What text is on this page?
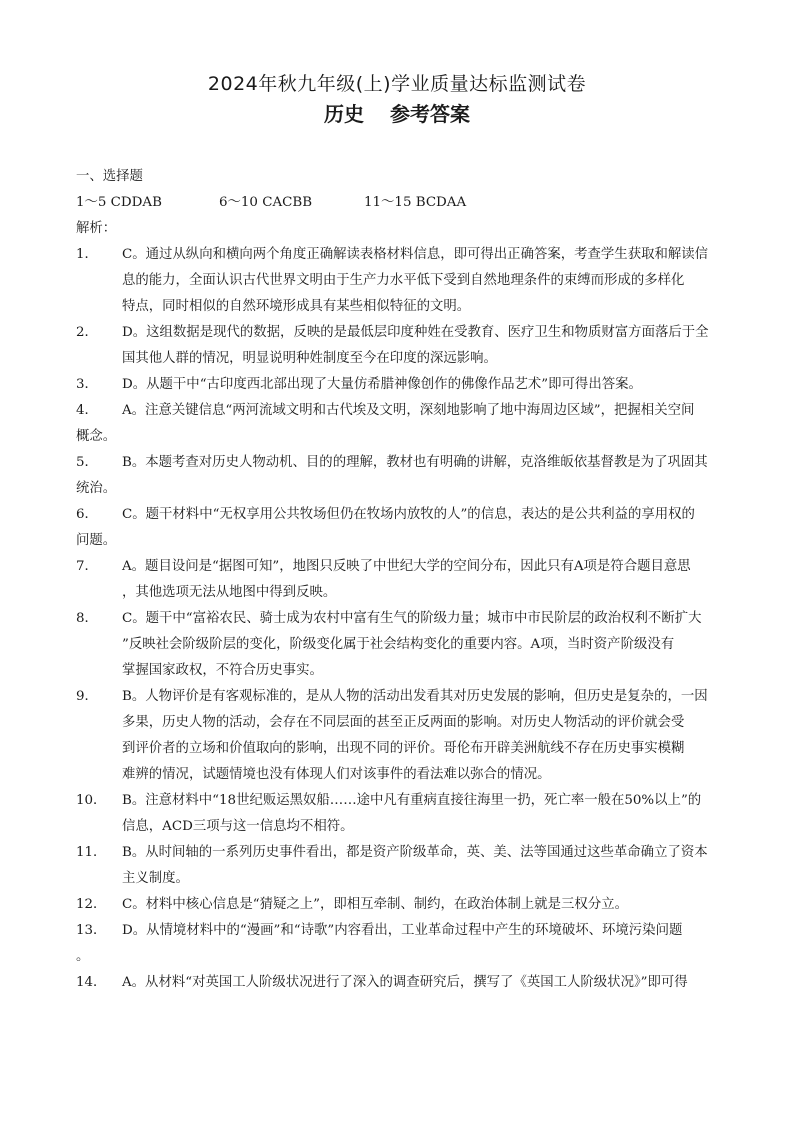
2024年秋九年级(上)学业质量达标监测试卷
历史 参考答案
一、选择题
1～5 CDDAB	6～10 CACBB	11～15 BCDAA
解析：
1． C。通过从纵向和横向两个角度正确解读表格材料信息，即可得出正确答案，考查学生获取和解读信
息的能力，全面认识古代世界文明由于生产力水平低下受到自然地理条件的束缚而形成的多样化
特点，同时相似的自然环境形成具有某些相似特征的文明。
2． D。这组数据是现代的数据，反映的是最低层印度种姓在受教育、医疗卫生和物质财富方面落后于全
国其他人群的情况，明显说明种姓制度至今在印度的深远影响。
3． D。从题干中“古印度西北部出现了大量仿希腊神像创作的佛像作品艺术”即可得出答案。
4． A。注意关键信息“两河流域文明和古代埃及文明，深刻地影响了地中海周边区域”，把握相关空间
概念。
5． B。本题考查对历史人物动机、目的的理解，教材也有明确的讲解，克洛维皈依基督教是为了巩固其
统治。
6． C。题干材料中“无权享用公共牧场但仍在牧场内放牧的人”的信息，表达的是公共利益的享用权的
问题。
7． A。题目设问是“据图可知”，地图只反映了中世纪大学的空间分布，因此只有A项是符合题目意思
，其他选项无法从地图中得到反映。
8． C。题干中“富裕农民、骑士成为农村中富有生气的阶级力量；城市中市民阶层的政治权利不断扩大
”反映社会阶级阶层的变化，阶级变化属于社会结构变化的重要内容。A项，当时资产阶级没有
掌握国家政权，不符合历史事实。
9． B。人物评价是有客观标准的，是从人物的活动出发看其对历史发展的影响，但历史是复杂的，一因
多果，历史人物的活动，会存在不同层面的甚至正反两面的影响。对历史人物活动的评价就会受
到评价者的立场和价值取向的影响，出现不同的评价。哥伦布开辟美洲航线不存在历史事实模糊
难辨的情况，试题情境也没有体现人们对该事件的看法难以弥合的情况。
10． B。注意材料中“18世纪贩运黑奴船……途中凡有重病直接往海里一扔，死亡率一般在50%以上”的
信息，ACD三项与这一信息均不相符。
11． B。从时间轴的一系列历史事件看出，都是资产阶级革命，英、美、法等国通过这些革命确立了资本
主义制度。
12． C。材料中核心信息是“猜疑之上”，即相互牵制、制约，在政治体制上就是三权分立。
13． D。从情境材料中的“漫画”和“诗歌”内容看出，工业革命过程中产生的环境破坏、环境污染问题
。
14． A。从材料“对英国工人阶级状况进行了深入的调查研究后，撰写了《英国工人阶级状况》”即可得
